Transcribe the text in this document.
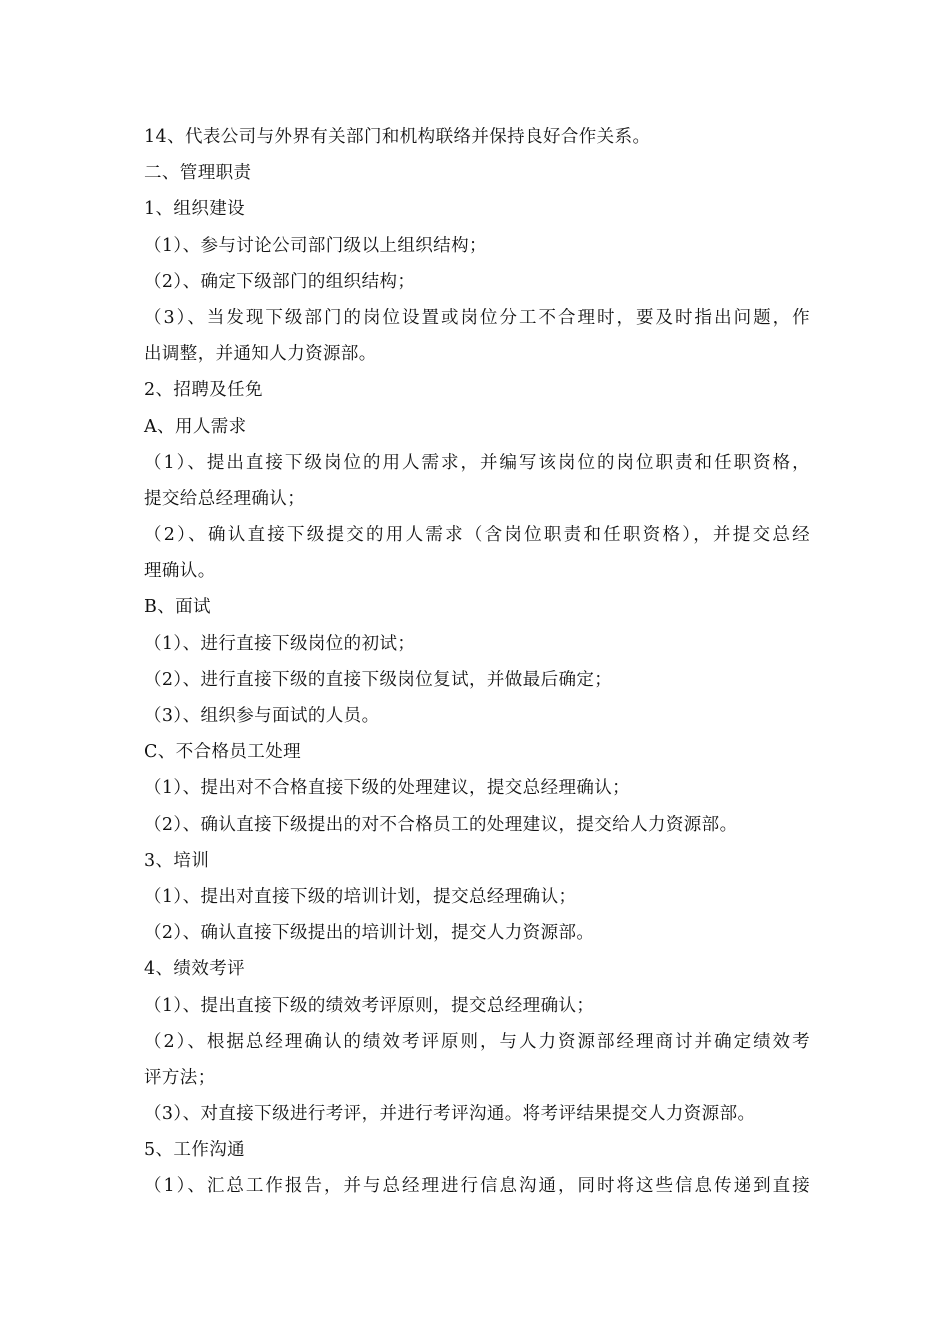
14、代表公司与外界有关部门和机构联络并保持良好合作关系。
二、管理职责
1、组织建设
（1）、参与讨论公司部门级以上组织结构；
（2）、确定下级部门的组织结构；
（3）、当发现下级部门的岗位设置或岗位分工不合理时，要及时指出问题，作
出调整，并通知人力资源部。
2、招聘及任免
A、用人需求
（1）、提出直接下级岗位的用人需求，并编写该岗位的岗位职责和任职资格，
提交给总经理确认；
（2）、确认直接下级提交的用人需求（含岗位职责和任职资格），并提交总经
理确认。
B、面试
（1）、进行直接下级岗位的初试；
（2）、进行直接下级的直接下级岗位复试，并做最后确定；
（3）、组织参与面试的人员。
C、不合格员工处理
（1）、提出对不合格直接下级的处理建议，提交总经理确认；
（2）、确认直接下级提出的对不合格员工的处理建议，提交给人力资源部。
3、培训
（1）、提出对直接下级的培训计划，提交总经理确认；
（2）、确认直接下级提出的培训计划，提交人力资源部。
4、绩效考评
（1）、提出直接下级的绩效考评原则，提交总经理确认；
（2）、根据总经理确认的绩效考评原则，与人力资源部经理商讨并确定绩效考
评方法；
（3）、对直接下级进行考评，并进行考评沟通。将考评结果提交人力资源部。
5、工作沟通
（1）、汇总工作报告，并与总经理进行信息沟通，同时将这些信息传递到直接
